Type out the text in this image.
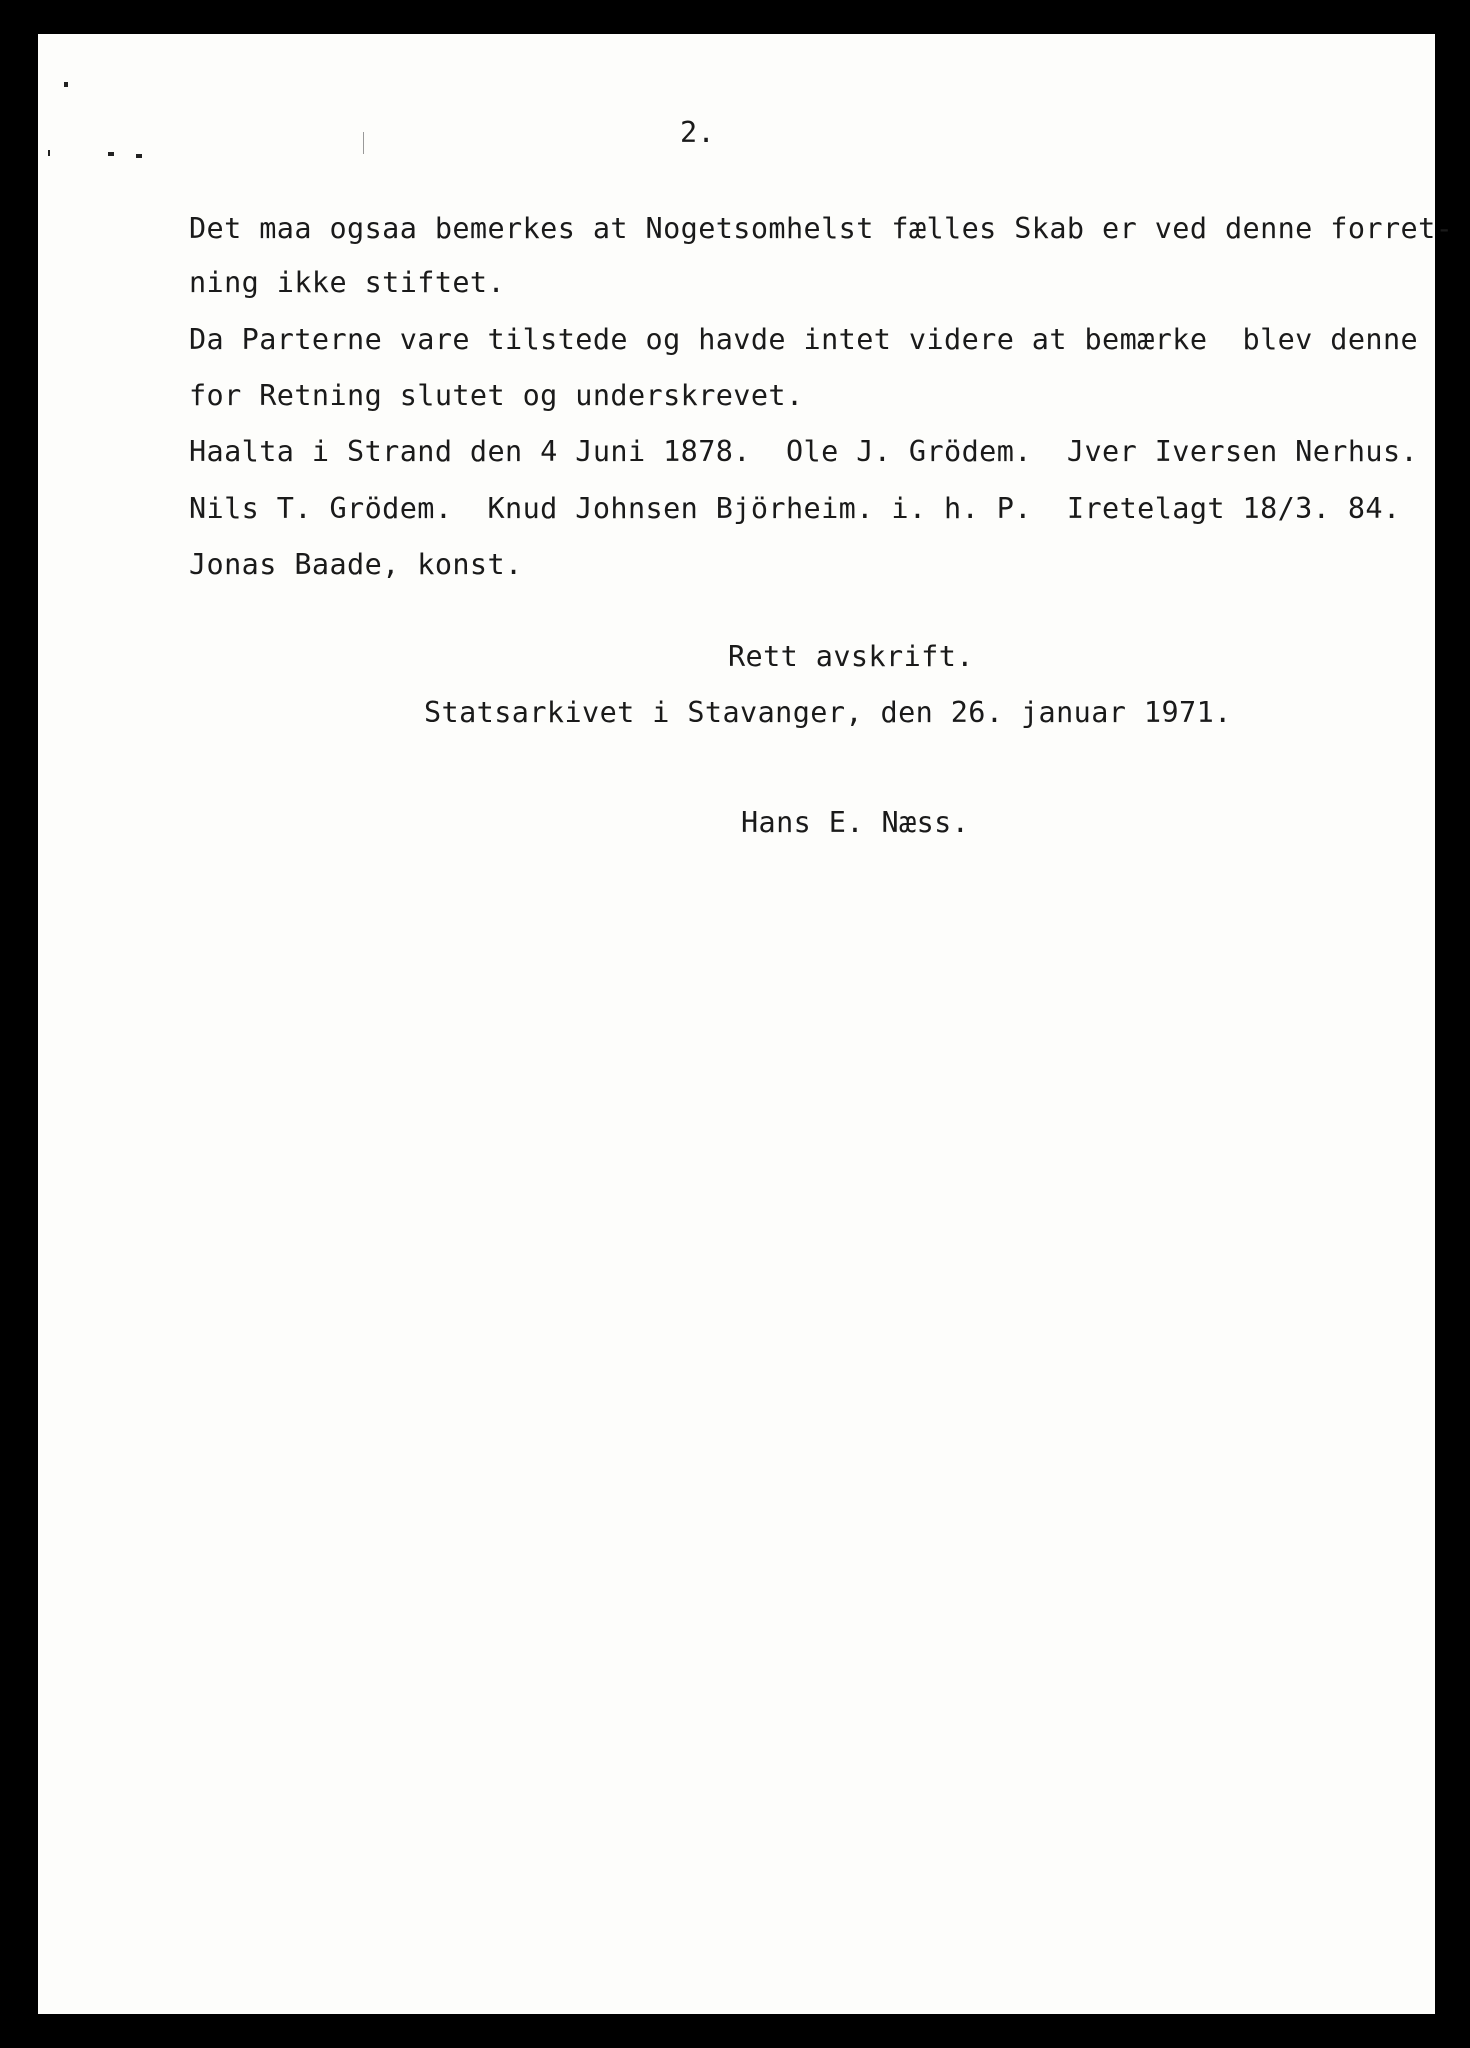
2.
Det maa ogsaa bemerkes at Nogetsomhelst fælles Skab er ved denne forret-
ning ikke stiftet.
Da Parterne vare tilstede og havde intet videre at bemærke  blev denne
for Retning slutet og underskrevet.
Haalta i Strand den 4 Juni 1878.  Ole J. Grödem.  Jver Iversen Nerhus.
Nils T. Grödem.  Knud Johnsen Björheim. i. h. P.  Iretelagt 18/3. 84.
Jonas Baade, konst.
Rett avskrift.
Statsarkivet i Stavanger, den 26. januar 1971.
Hans E. Næss.
